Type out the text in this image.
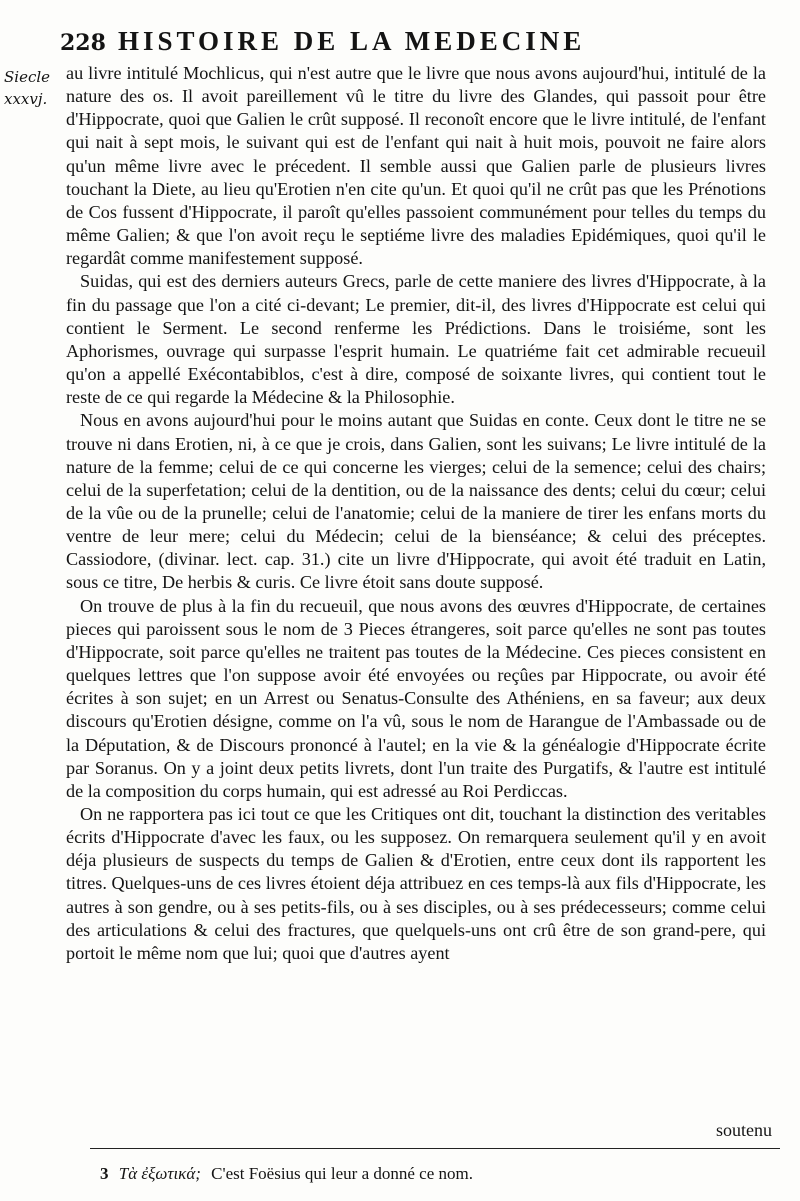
228 HISTOIRE DE LA MEDECINE
Siecle
xxxvj.

au livre intitulé Mochlicus, qui n'est autre que le livre que nous avons aujourd'hui, intitulé de la nature des os. Il avoit pareillement vû le titre du livre des Glandes, qui passoit pour être d'Hippocrate, quoi que Galien le crût supposé. Il reconoît encore que le livre intitulé, de l'enfant qui nait à sept mois, le suivant qui est de l'enfant qui nait à huit mois, pouvoit ne faire alors qu'un même livre avec le précedent. Il semble aussi que Galien parle de plusieurs livres touchant la Diete, au lieu qu'Erotien n'en cite qu'un. Et quoi qu'il ne crût pas que les Prénotions de Cos fussent d'Hippocrate, il paroît qu'elles passoient communément pour telles du temps du même Galien; & que l'on avoit reçu le septiéme livre des maladies Epidémiques, quoi qu'il le regardât comme manifestement supposé.

Suidas, qui est des derniers auteurs Grecs, parle de cette maniere des livres d'Hippocrate, à la fin du passage que l'on a cité ci-devant; Le premier, dit-il, des livres d'Hippocrate est celui qui contient le Serment. Le second renferme les Prédictions. Dans le troisiéme, sont les Aphorismes, ouvrage qui surpasse l'esprit humain. Le quatriéme fait cet admirable recueuil qu'on a appellé Exécontabiblos, c'est à dire, composé de soixante livres, qui contient tout le reste de ce qui regarde la Médecine & la Philosophie.

Nous en avons aujourd'hui pour le moins autant que Suidas en conte. Ceux dont le titre ne se trouve ni dans Erotien, ni, à ce que je crois, dans Galien, sont les suivans; Le livre intitulé de la nature de la femme; celui de ce qui concerne les vierges; celui de la semence; celui des chairs; celui de la superfetation; celui de la dentition, ou de la naissance des dents; celui du cœur; celui de la vûe ou de la prunelle; celui de l'anatomie; celui de la maniere de tirer les enfans morts du ventre de leur mere; celui du Médecin; celui de la bienséance; & celui des préceptes. Cassiodore, (divinar. lect. cap. 31.) cite un livre d'Hippocrate, qui avoit été traduit en Latin, sous ce titre, De herbis & curis. Ce livre étoit sans doute supposé.

On trouve de plus à la fin du recueuil, que nous avons des œuvres d'Hippocrate, de certaines pieces qui paroissent sous le nom de 3 Pieces étrangeres, soit parce qu'elles ne sont pas toutes d'Hippocrate, soit parce qu'elles ne traitent pas toutes de la Médecine. Ces pieces consistent en quelques lettres que l'on suppose avoir été envoyées ou reçûes par Hippocrate, ou avoir été écrites à son sujet; en un Arrest ou Senatus-Consulte des Athéniens, en sa faveur; aux deux discours qu'Erotien désigne, comme on l'a vû, sous le nom de Harangue de l'Ambassade ou de la Députation, & de Discours prononcé à l'autel; en la vie & la généalogie d'Hippocrate écrite par Soranus. On y a joint deux petits livrets, dont l'un traite des Purgatifs, & l'autre est intitulé de la composition du corps humain, qui est adressé au Roi Perdiccas.

On ne rapportera pas ici tout ce que les Critiques ont dit, touchant la distinction des veritables écrits d'Hippocrate d'avec les faux, ou les supposez. On remarquera seulement qu'il y en avoit déja plusieurs de suspects du temps de Galien & d'Erotien, entre ceux dont ils rapportent les titres. Quelques-uns de ces livres étoient déja attribuez en ces temps-là aux fils d'Hippocrate, les autres à son gendre, ou à ses petits-fils, ou à ses disciples, ou à ses prédecesseurs; comme celui des articulations & celui des fractures, que quelquels-uns ont crû être de son grand-pere, qui portoit le même nom que lui; quoi que d'autres ayent

soutenu
3 Τὰ ἐξωτικά; C'est Foësius qui leur a donné ce nom.
